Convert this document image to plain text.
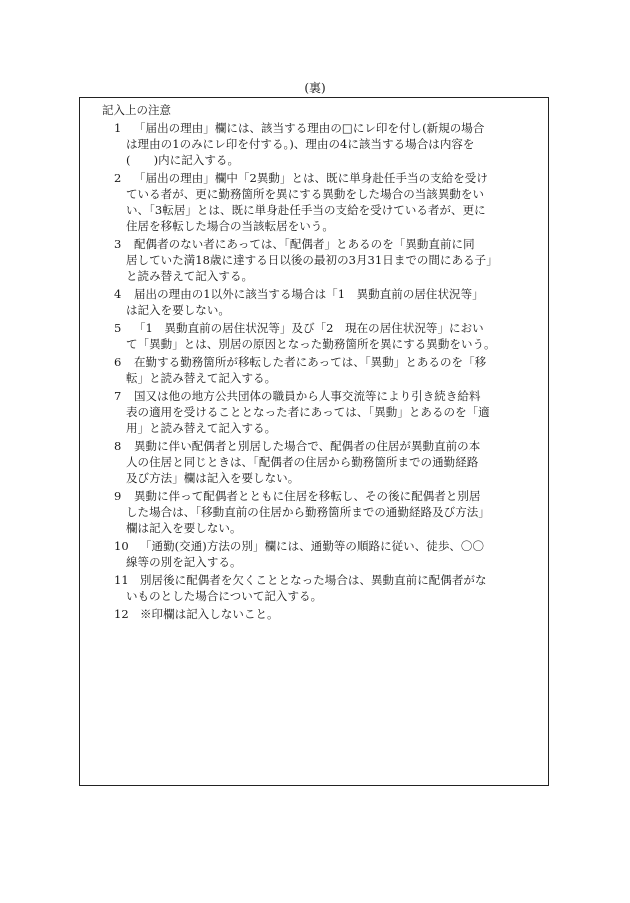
(裏)
記入上の注意
1 「届出の理由」欄には、該当する理由の□にレ印を付し(新規の場合
は理由の1のみにレ印を付する。)、理由の4に該当する場合は内容を
(　　)内に記入する。
2 「届出の理由」欄中「2異動」とは、既に単身赴任手当の支給を受け
ている者が、更に勤務箇所を異にする異動をした場合の当該異動をい
い、「3転居」とは、既に単身赴任手当の支給を受けている者が、更に
住居を移転した場合の当該転居をいう。
3 配偶者のない者にあっては、「配偶者」とあるのを「異動直前に同
居していた満18歳に達する日以後の最初の3月31日までの間にある子」
と読み替えて記入する。
4 届出の理由の1以外に該当する場合は「1　異動直前の居住状況等」
は記入を要しない。
5 「1　異動直前の居住状況等」及び「2　現在の居住状況等」におい
て「異動」とは、別居の原因となった勤務箇所を異にする異動をいう。
6 在勤する勤務箇所が移転した者にあっては、「異動」とあるのを「移
転」と読み替えて記入する。
7 国又は他の地方公共団体の職員から人事交流等により引き続き給料
表の適用を受けることとなった者にあっては、「異動」とあるのを「適
用」と読み替えて記入する。
8 異動に伴い配偶者と別居した場合で、配偶者の住居が異動直前の本
人の住居と同じときは、「配偶者の住居から勤務箇所までの通勤経路
及び方法」欄は記入を要しない。
9 異動に伴って配偶者とともに住居を移転し、その後に配偶者と別居
した場合は、「移動直前の住居から勤務箇所までの通勤経路及び方法」
欄は記入を要しない。
10 「通勤(交通)方法の別」欄には、通勤等の順路に従い、徒歩、〇〇
線等の別を記入する。
11 別居後に配偶者を欠くこととなった場合は、異動直前に配偶者がな
いものとした場合について記入する。
12 ※印欄は記入しないこと。
